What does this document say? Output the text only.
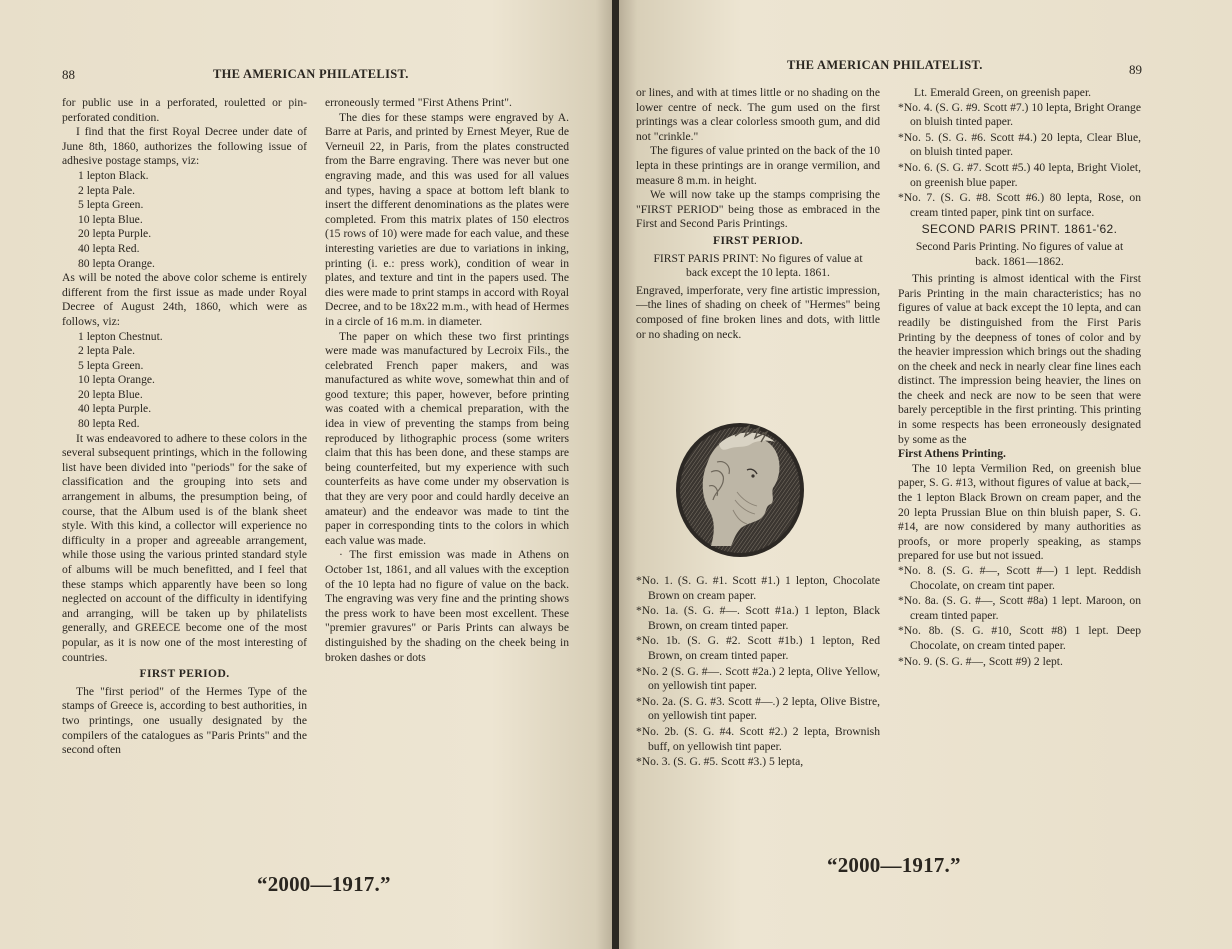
88	THE AMERICAN PHILATELIST.

for public use in a perforated, rouletted or pin-perforated condition.

I find that the first Royal Decree under date of June 8th, 1860, authorizes the following issue of adhesive postage stamps, viz:

1 lepton Black.

2 lepta Pale.

5 lepta Green.

10 lepta Blue.

20 lepta Purple.

40 lepta Red.

80 lepta Orange.

As will be noted the above color scheme is entirely different from the first issue as made under Royal Decree of August 24th, 1860, which were as follows, viz:

1 lepton Chestnut.

2 lepta Pale.

5 lepta Green.

10 lepta Orange.

20 lepta Blue.

40 lepta Purple.

80 lepta Red.

It was endeavored to adhere to these colors in the several subsequent printings, which in the following list have been divided into "periods" for the sake of classification and the grouping into sets and arrangement in albums, the presumption being, of course, that the Album used is of the blank sheet style. With this kind, a collector will experience no difficulty in a proper and agreeable arrangement, while those using the various printed standard style of albums will be much benefitted, and I feel that these stamps which apparently have been so long neglected on account of the difficulty in identifying and arranging, will be taken up by philatelists generally, and GREECE become one of the most popular, as it is now one of the most interesting of countries.

FIRST PERIOD.

The "first period" of the Hermes Type of the stamps of Greece is, according to best authorities, in two printings, one usually designated by the compilers of the catalogues as "Paris Prints" and the second often

erroneously termed "First Athens Print".

The dies for these stamps were engraved by A. Barre at Paris, and printed by Ernest Meyer, Rue de Verneuil 22, in Paris, from the plates constructed from the Barre engraving. There was never but one engraving made, and this was used for all values and types, having a space at bottom left blank to insert the different denominations as the plates were completed. From this matrix plates of 150 electros (15 rows of 10) were made for each value, and these interesting varieties are due to variations in inking, printing (i. e.: press work), condition of wear in plates, and texture and tint in the papers used. The dies were made to print stamps in accord with Royal Decree, and to be 18x22 m.m., with head of Hermes in a circle of 16 m.m. in diameter.

The paper on which these two first printings were made was manufactured by Lecroix Fils., the celebrated French paper makers, and was manufactured as white wove, somewhat thin and of good texture; this paper, however, before printing was coated with a chemical preparation, with the idea in view of preventing the stamps from being reproduced by lithographic process (some writers claim that this has been done, and these stamps are being counterfeited, but my experience with such counterfeits as have come under my observation is that they are very poor and could hardly deceive an amateur) and the endeavor was made to tint the paper in corresponding tints to the colors in which each value was made.

· The first emission was made in Athens on October 1st, 1861, and all values with the exception of the 10 lepta had no figure of value on the back. The engraving was very fine and the printing shows the press work to have been most excellent. These "premier gravures" or Paris Prints can always be distinguished by the shading on the cheek being in broken dashes or dots

“2000—1917.”
THE AMERICAN PHILATELIST.	89

or lines, and with at times little or no shading on the lower centre of neck. The gum used on the first printings was a clear colorless smooth gum, and did not "crinkle."

The figures of value printed on the back of the 10 lepta in these printings are in orange vermilion, and measure 8 m.m. in height.

We will now take up the stamps comprising the "FIRST PERIOD" being those as embraced in the First and Second Paris Printings.

FIRST PERIOD.

FIRST PARIS PRINT: No figures of value at back except the 10 lepta. 1861.

Engraved, imperforate, very fine artistic impression,—the lines of shading on cheek of "Hermes" being composed of fine broken lines and dots, with little or no shading on neck.

*No. 1. (S. G. #1. Scott #1.) 1 lepton, Chocolate Brown on cream paper.

*No. 1a. (S. G. #—. Scott #1a.) 1 lepton, Black Brown, on cream tinted paper.

*No. 1b. (S. G. #2. Scott #1b.) 1 lepton, Red Brown, on cream tinted paper.

*No. 2 (S. G. #—. Scott #2a.) 2 lepta, Olive Yellow, on yellowish tint paper.

*No. 2a. (S. G. #3. Scott #—.) 2 lepta, Olive Bistre, on yellowish tint paper.

*No. 2b. (S. G. #4. Scott #2.) 2 lepta, Brownish buff, on yellowish tint paper.

*No. 3. (S. G. #5. Scott #3.) 5 lepta,

Lt. Emerald Green, on greenish paper.

*No. 4. (S. G. #9. Scott #7.) 10 lepta, Bright Orange on bluish tinted paper.

*No. 5. (S. G. #6. Scott #4.) 20 lepta, Clear Blue, on bluish tinted paper.

*No. 6. (S. G. #7. Scott #5.) 40 lepta, Bright Violet, on greenish blue paper.

*No. 7. (S. G. #8. Scott #6.) 80 lepta, Rose, on cream tinted paper, pink tint on surface.

SECOND PARIS PRINT. 1861-'62.

Second Paris Printing. No figures of value at back. 1861—1862.

This printing is almost identical with the First Paris Printing in the main characteristics; has no figures of value at back except the 10 lepta, and can readily be distinguished from the First Paris Printing by the deepness of tones of color and by the heavier impression which brings out the shading on the cheek and neck in nearly clear fine lines each distinct. The impression being heavier, the lines on the cheek and neck are now to be seen that were barely perceptible in the first printing. This printing in some respects has been erroneously designated by some as the

First Athens Printing.

The 10 lepta Vermilion Red, on greenish blue paper, S. G. #13, without figures of value at back,—the 1 lepton Black Brown on cream paper, and the 20 lepta Prussian Blue on thin bluish paper, S. G. #14, are now considered by many authorities as proofs, or more properly speaking, as stamps prepared for use but not issued.

*No. 8. (S. G. #—, Scott #—) 1 lept. Reddish Chocolate, on cream tint paper.

*No. 8a. (S. G. #—, Scott #8a) 1 lept. Maroon, on cream tinted paper.

*No. 8b. (S. G. #10, Scott #8) 1 lept. Deep Chocolate, on cream tinted paper.

*No. 9. (S. G. #—, Scott #9) 2 lept.

“2000—1917.”
